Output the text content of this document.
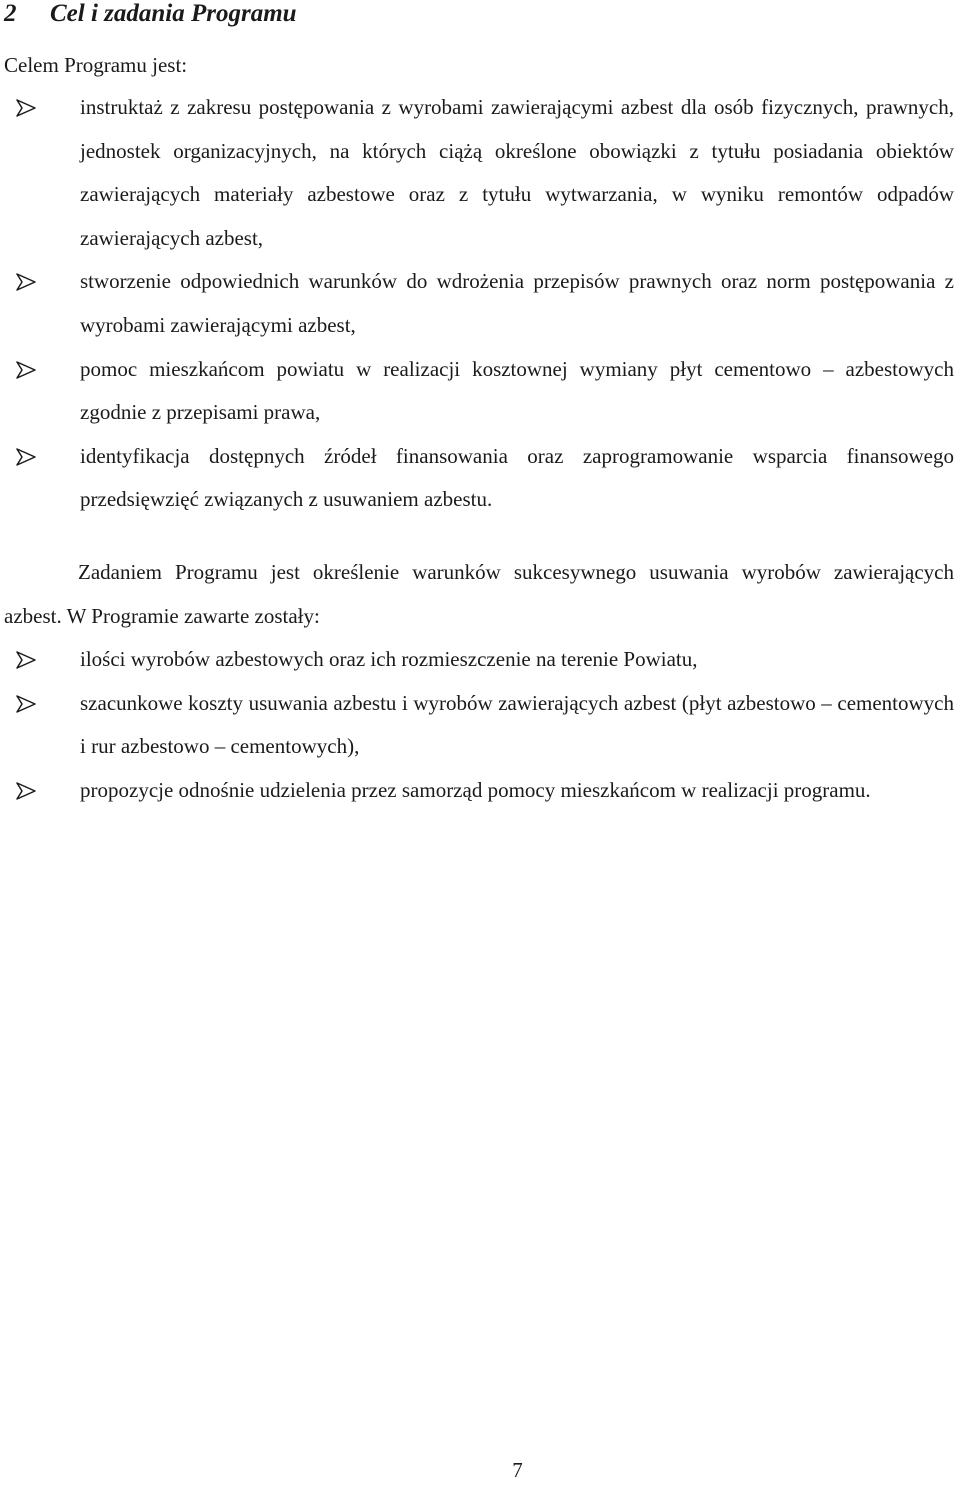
2 Cel i zadania Programu

Celem Programu jest:

instruktaż z zakresu postępowania z wyrobami zawierającymi azbest dla osób fizycznych, prawnych, jednostek organizacyjnych, na których ciążą określone obowiązki z tytułu posiadania obiektów zawierających materiały azbestowe oraz z tytułu wytwarzania, w wyniku remontów odpadów zawierających azbest,
stworzenie odpowiednich warunków do wdrożenia przepisów prawnych oraz norm postępowania z wyrobami zawierającymi azbest,
pomoc mieszkańcom powiatu w realizacji kosztownej wymiany płyt cementowo – azbestowych zgodnie z przepisami prawa,
identyfikacja dostępnych źródeł finansowania oraz zaprogramowanie wsparcia finansowego przedsięwzięć związanych z usuwaniem azbestu.

Zadaniem Programu jest określenie warunków sukcesywnego usuwania wyrobów zawierających azbest. W Programie zawarte zostały:

ilości wyrobów azbestowych oraz ich rozmieszczenie na terenie Powiatu,
szacunkowe koszty usuwania azbestu i wyrobów zawierających azbest (płyt azbestowo – cementowych i rur azbestowo – cementowych),
propozycje odnośnie udzielenia przez samorząd pomocy mieszkańcom w realizacji programu.
7
